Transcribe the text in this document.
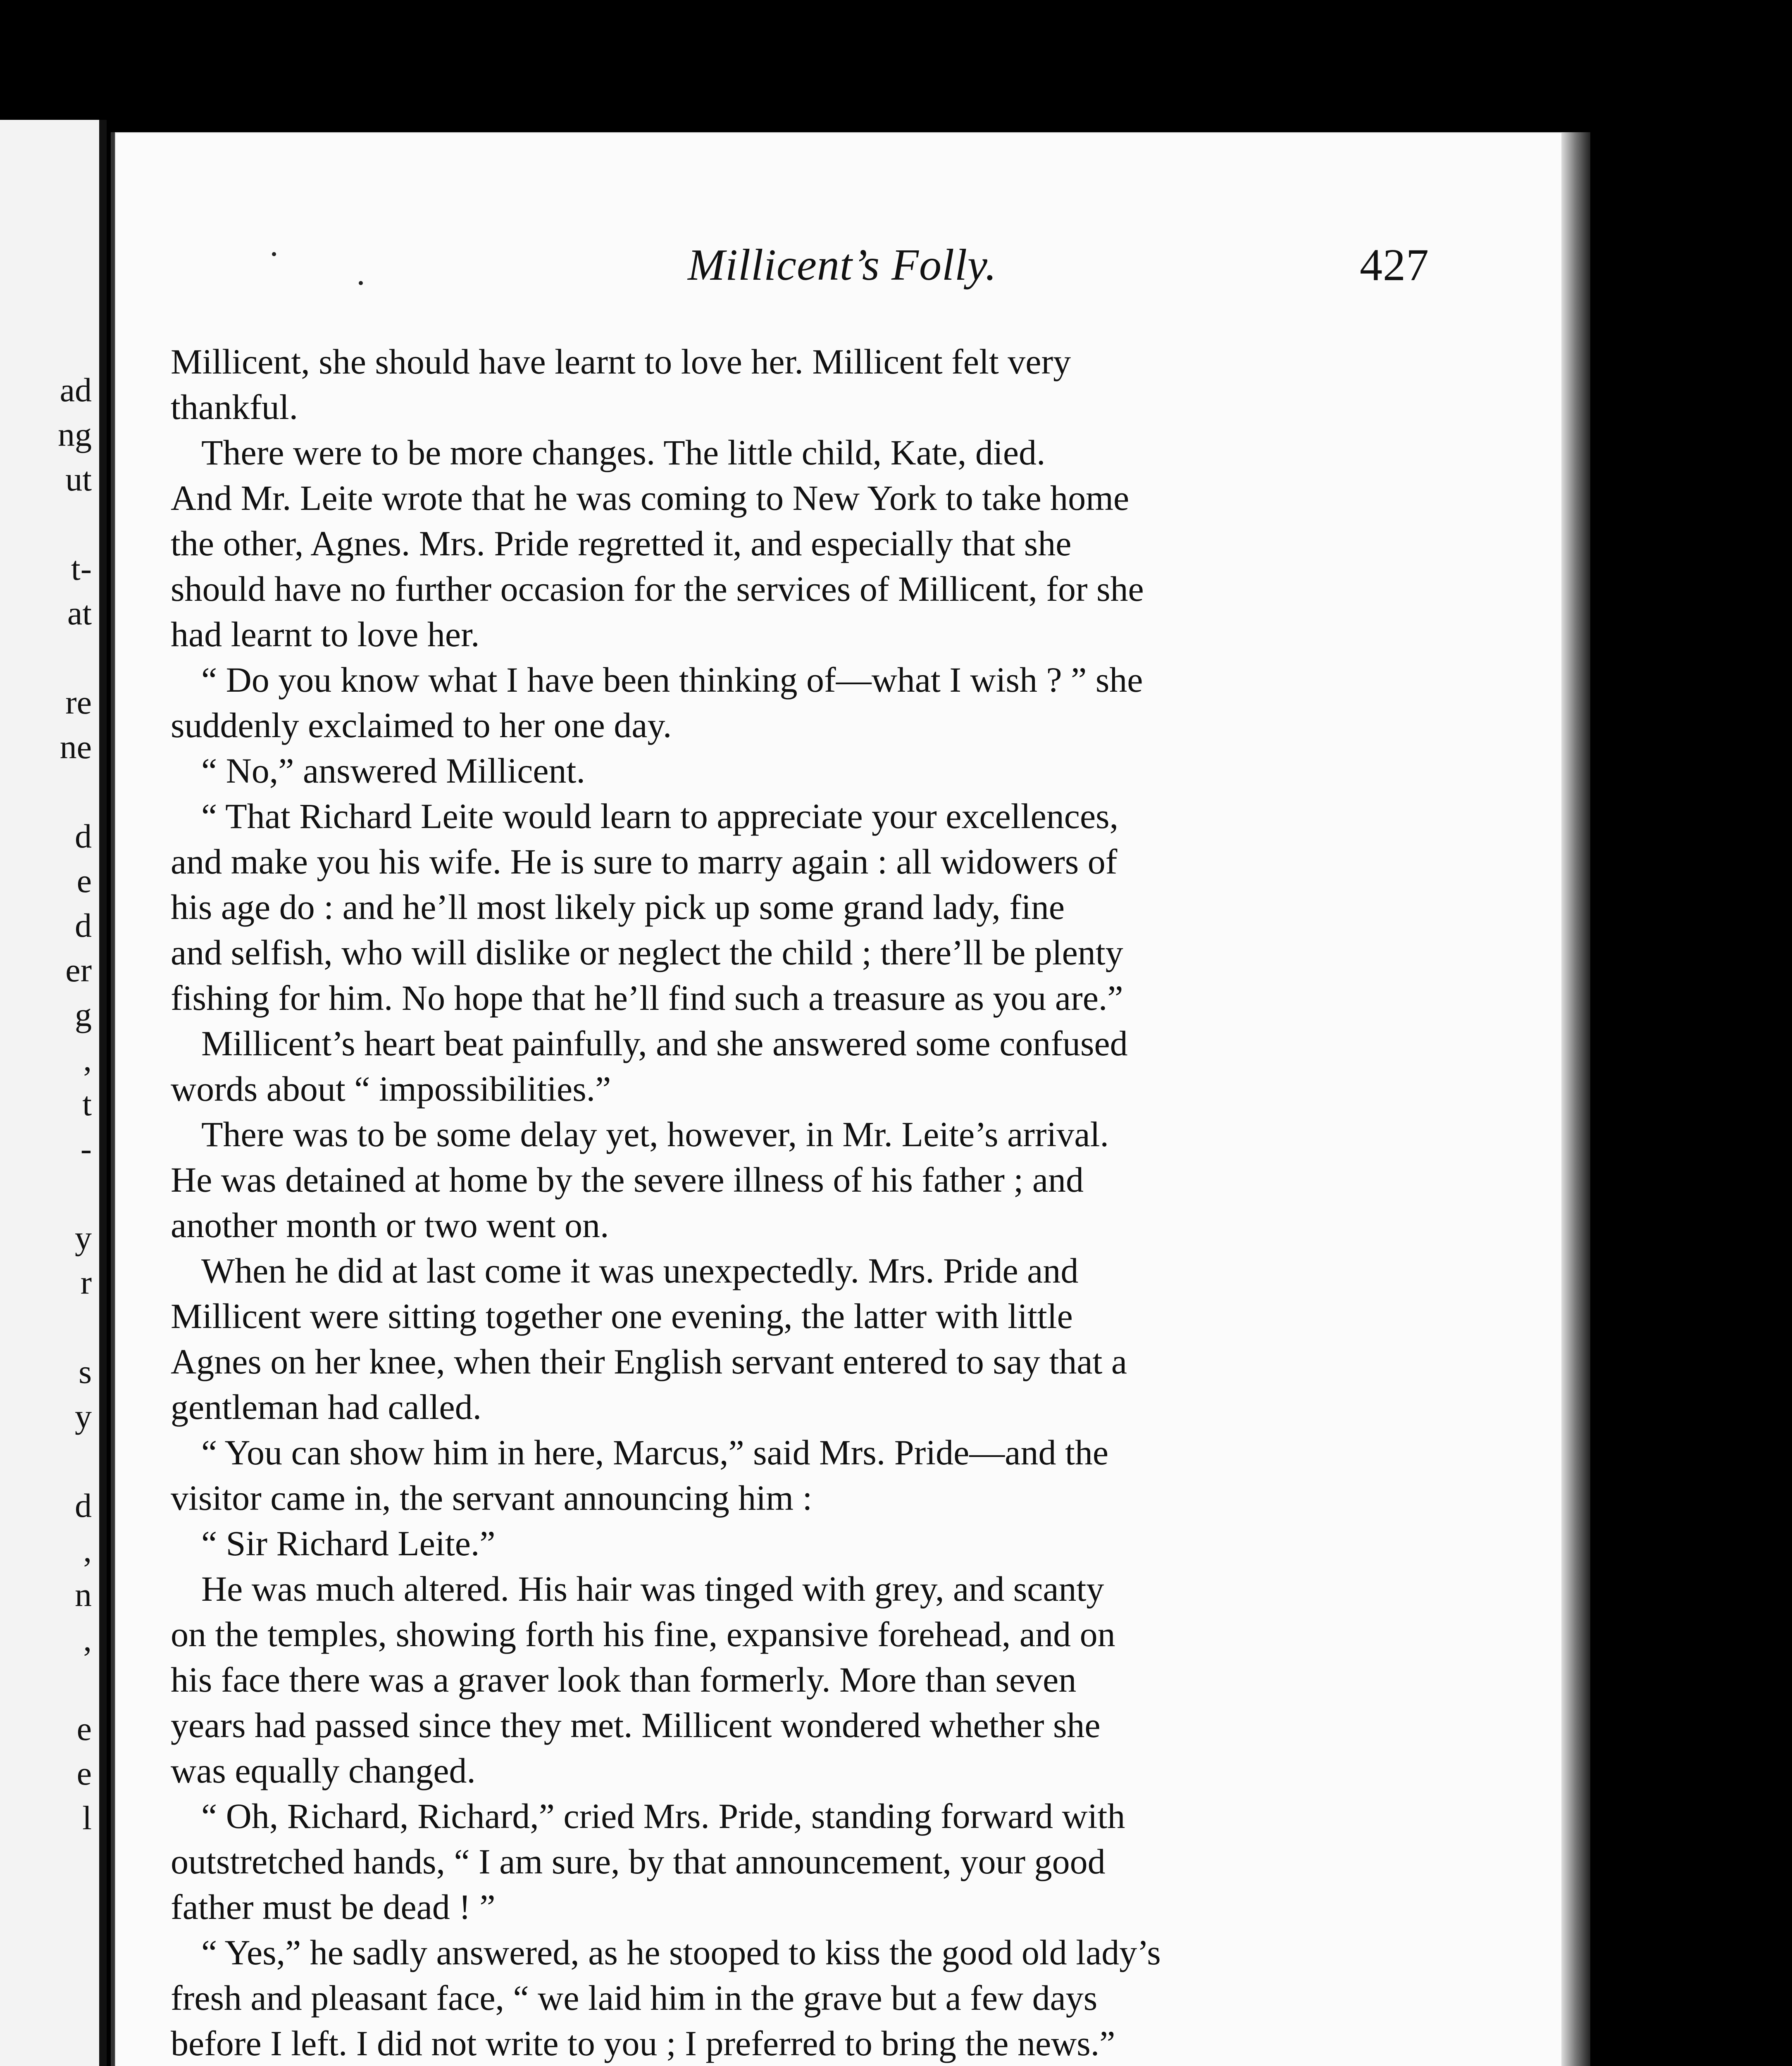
ad
ng
ut

t-
at

re
ne

d
e
d
er
g
,
t
-

y
r

s
y

d
,
n
,

e
e
l
Millicent’s Folly.	427
Millicent, she should have learnt to love her. Millicent felt very
thankful.
There were to be more changes. The little child, Kate, died.
And Mr. Leite wrote that he was coming to New York to take home
the other, Agnes. Mrs. Pride regretted it, and especially that she
should have no further occasion for the services of Millicent, for she
had learnt to love her.
“ Do you know what I have been thinking of—what I wish ? ” she
suddenly exclaimed to her one day.
“ No,” answered Millicent.
“ That Richard Leite would learn to appreciate your excellences,
and make you his wife. He is sure to marry again : all widowers of
his age do : and he’ll most likely pick up some grand lady, fine
and selfish, who will dislike or neglect the child ; there’ll be plenty
fishing for him. No hope that he’ll find such a treasure as you are.”
Millicent’s heart beat painfully, and she answered some confused
words about “ impossibilities.”
There was to be some delay yet, however, in Mr. Leite’s arrival.
He was detained at home by the severe illness of his father ; and
another month or two went on.
When he did at last come it was unexpectedly. Mrs. Pride and
Millicent were sitting together one evening, the latter with little
Agnes on her knee, when their English servant entered to say that a
gentleman had called.
“ You can show him in here, Marcus,” said Mrs. Pride—and the
visitor came in, the servant announcing him :
“ Sir Richard Leite.”
He was much altered. His hair was tinged with grey, and scanty
on the temples, showing forth his fine, expansive forehead, and on
his face there was a graver look than formerly. More than seven
years had passed since they met. Millicent wondered whether she
was equally changed.
“ Oh, Richard, Richard,” cried Mrs. Pride, standing forward with
outstretched hands, “ I am sure, by that announcement, your good
father must be dead ! ”
“ Yes,” he sadly answered, as he stooped to kiss the good old lady’s
fresh and pleasant face, “ we laid him in the grave but a few days
before I left. I did not write to you ; I preferred to bring the news.”
